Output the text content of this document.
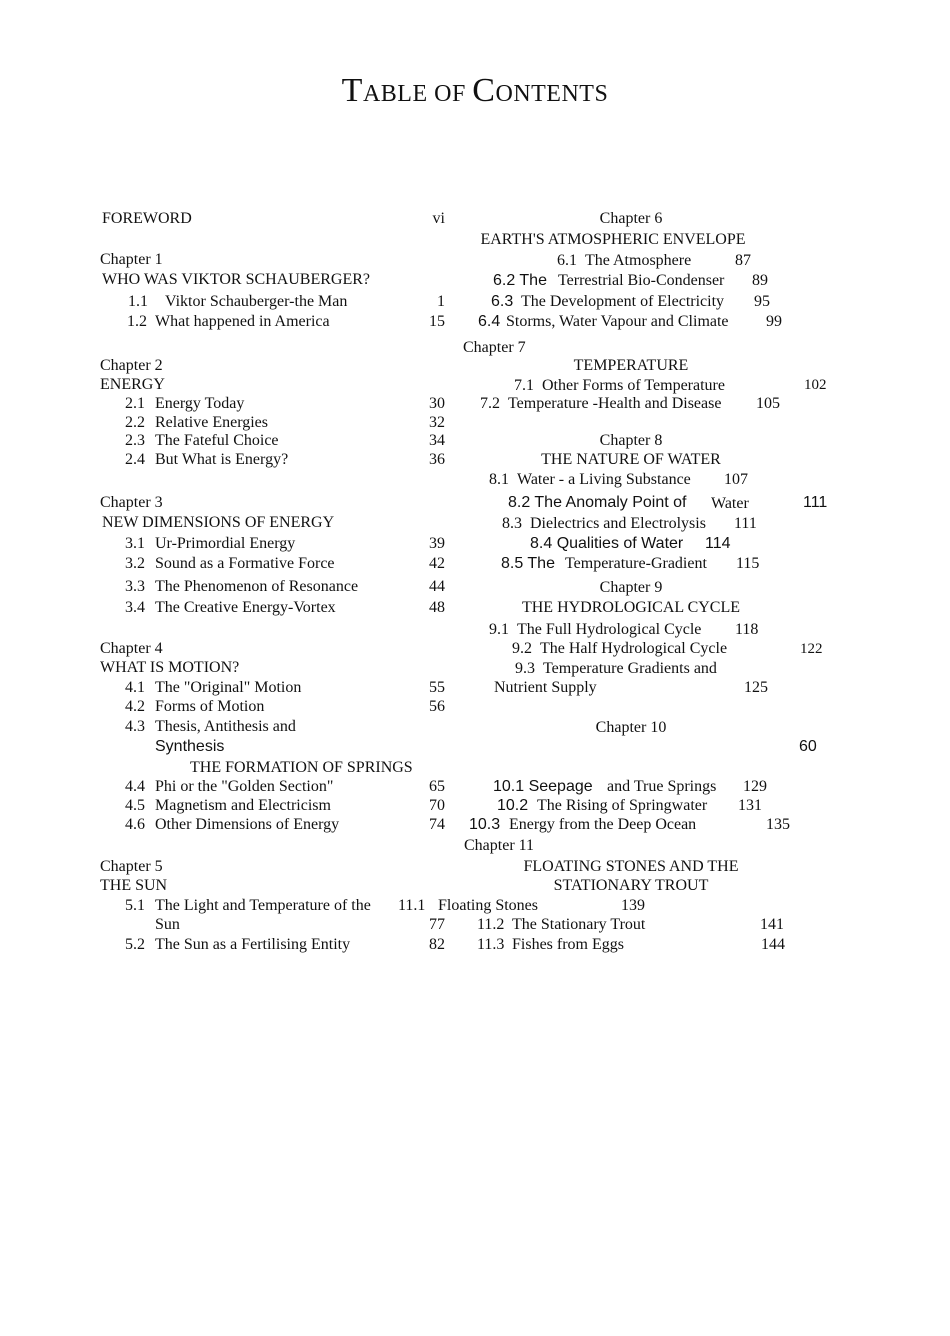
TABLE OF CONTENTS
FOREWORD	vi
Chapter 1
WHO WAS VIKTOR SCHAUBERGER?
1.1 Viktor Schauberger-the Man	1
1.2 What happened in America	15
Chapter 2
ENERGY
2.1 Energy Today	30
2.2 Relative Energies	32
2.3 The Fateful Choice	34
2.4 But What is Energy?	36
Chapter 3
NEW DIMENSIONS OF ENERGY
3.1 Ur-Primordial Energy	39
3.2 Sound as a Formative Force	42
3.3 The Phenomenon of Resonance	44
3.4 The Creative Energy-Vortex	48
Chapter 4
WHAT IS MOTION?
4.1 The "Original" Motion	55
4.2 Forms of Motion	56
4.3 Thesis, Antithesis and
Synthesis	60
THE FORMATION OF SPRINGS
4.4 Phi or the "Golden Section"	65
4.5 Magnetism and Electricism	70
4.6 Other Dimensions of Energy	74
Chapter 5
THE SUN
5.1 The Light and Temperature of the
Sun	77
5.2 The Sun as a Fertilising Entity	82
Chapter 6
EARTH'S ATMOSPHERIC ENVELOPE
6.1 The Atmosphere	87
6.2 The Terrestrial Bio-Condenser 89
6.3 The Development of Electricity 95
6.4 Storms, Water Vapour and Climate 99
Chapter 7
TEMPERATURE
7.1 Other Forms of Temperature	102
7.2 Temperature -Health and Disease 105
Chapter 8
THE NATURE OF WATER
8.1 Water - a Living Substance 107
8.2 The Anomaly Point of Water	111
8.3 Dielectrics and Electrolysis 111
8.4 Qualities of Water 114
8.5 The Temperature-Gradient 115
Chapter 9
THE HYDROLOGICAL CYCLE
9.1 The Full Hydrological Cycle 118
9.2 The Half Hydrological Cycle	122
9.3 Temperature Gradients and
Nutrient Supply	125
Chapter 10
10.1 Seepage and True Springs 129
10.2 The Rising of Springwater 131
10.3 Energy from the Deep Ocean	135
Chapter 11
FLOATING STONES AND THE
STATIONARY TROUT
11.1 Floating Stones	139
11.2 The Stationary Trout	141
11.3 Fishes from Eggs	144
